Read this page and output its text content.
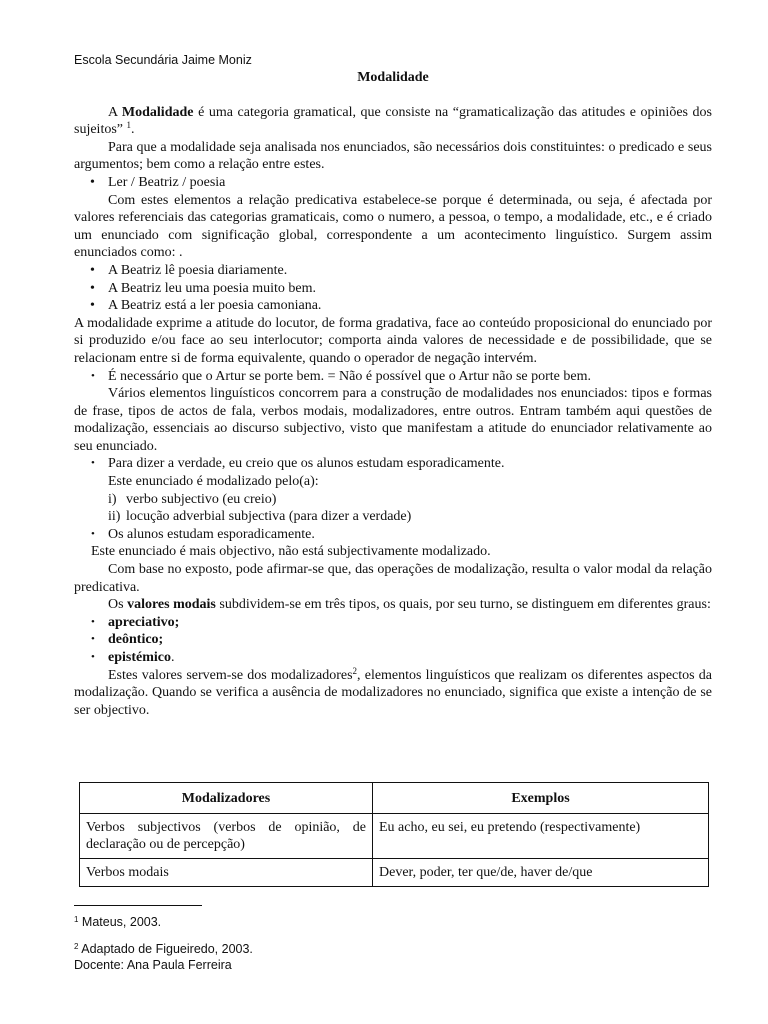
Escola Secundária Jaime Moniz
Modalidade

A Modalidade é uma categoria gramatical, que consiste na “gramaticalização das atitudes e opiniões dos sujeitos” $^1$.

Para que a modalidade seja analisada nos enunciados, são necessários dois constituintes: o predicado e seus argumentos; bem como a relação entre estes.

• Ler / Beatriz / poesia

Com estes elementos a relação predicativa estabelece-se porque é determinada, ou seja, é afectada por valores referenciais das categorias gramaticais, como o numero, a pessoa, o tempo, a modalidade, etc., e é criado um enunciado com significação global, correspondente a um acontecimento linguístico. Surgem assim enunciados como: .

• A Beatriz lê poesia diariamente.
• A Beatriz leu uma poesia muito bem.
• A Beatriz está a ler poesia camoniana.

A modalidade exprime a atitude do locutor, de forma gradativa, face ao conteúdo proposicional do enunciado por si produzido e/ou face ao seu interlocutor; comporta ainda valores de necessidade e de possibilidade, que se relacionam entre si de forma equivalente, quando o operador de negação intervém.

• É necessário que o Artur se porte bem. = Não é possível que o Artur não se porte bem.

Vários elementos linguísticos concorrem para a construção de modalidades nos enunciados: tipos e formas de frase, tipos de actos de fala, verbos modais, modalizadores, entre outros. Entram também aqui questões de modalização, essenciais ao discurso subjectivo, visto que manifestam a atitude do enunciador relativamente ao seu enunciado.

• Para dizer a verdade, eu creio que os alunos estudam esporadicamente.

Este enunciado é modalizado pelo(a):

i) verbo subjectivo (eu creio)
ii) locução adverbial subjectiva (para dizer a verdade)
• Os alunos estudam esporadicamente.

Este enunciado é mais objectivo, não está subjectivamente modalizado.

Com base no exposto, pode afirmar-se que, das operações de modalização, resulta o valor modal da relação predicativa.

Os valores modais subdividem-se em três tipos, os quais, por seu turno, se distinguem em diferentes graus:

• apreciativo;
• deôntico;
• epistémico.

Estes valores servem-se dos modalizadores$^2$, elementos linguísticos que realizam os diferentes aspectos da modalização. Quando se verifica a ausência de modalizadores no enunciado, significa que existe a intenção de se ser objectivo.

Modalizadores	Exemplos
Verbos subjectivos (verbos de opinião, de declaração ou de percepção)	Eu acho, eu sei, eu pretendo (respectivamente)
Verbos modais	Dever, poder, ter que/de, haver de/que
$^1$ Mateus, 2003.
$^2$ Adaptado de Figueiredo, 2003.
Docente: Ana Paula Ferreira
